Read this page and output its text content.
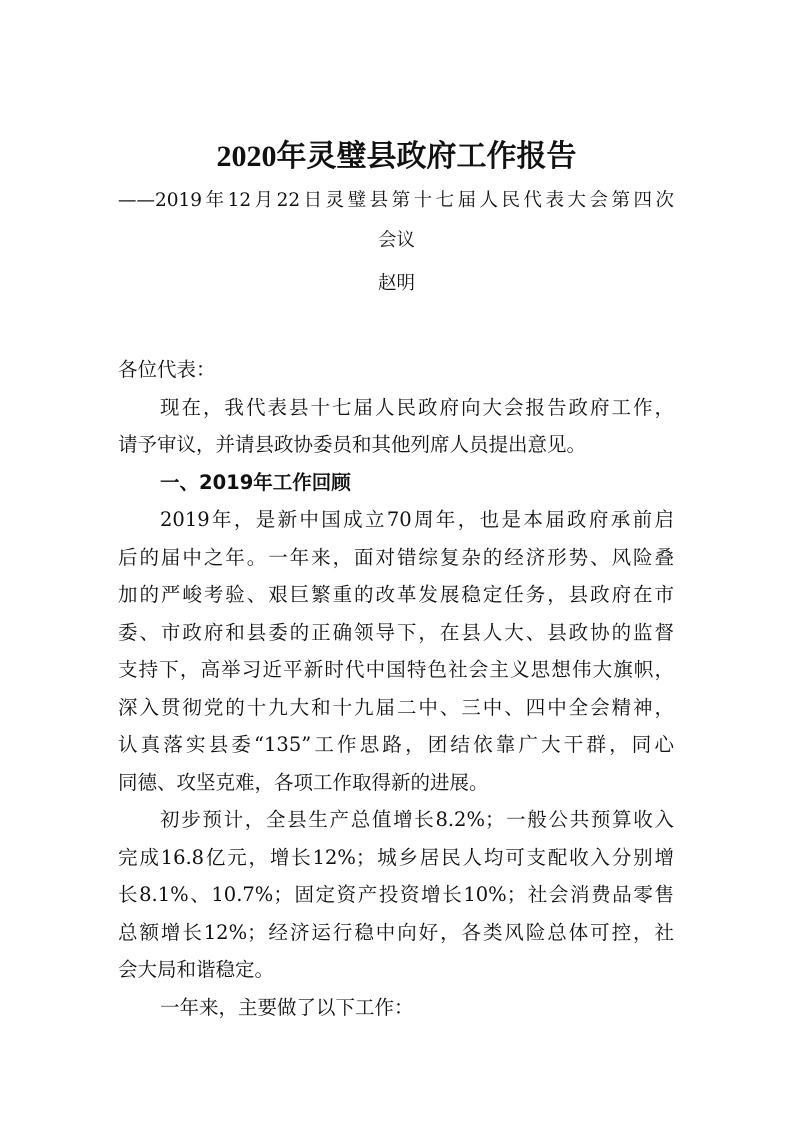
2020年灵璧县政府工作报告
——2019年12月22日灵璧县第十七届人民代表大会第四次
会议
赵明
各位代表：
现在，我代表县十七届人民政府向大会报告政府工作，
请予审议，并请县政协委员和其他列席人员提出意见。
一、2019年工作回顾
2019年，是新中国成立70周年，也是本届政府承前启
后的届中之年。一年来，面对错综复杂的经济形势、风险叠
加的严峻考验、艰巨繁重的改革发展稳定任务，县政府在市
委、市政府和县委的正确领导下，在县人大、县政协的监督
支持下，高举习近平新时代中国特色社会主义思想伟大旗帜，
深入贯彻党的十九大和十九届二中、三中、四中全会精神，
认真落实县委“135”工作思路，团结依靠广大干群，同心
同德、攻坚克难，各项工作取得新的进展。
初步预计，全县生产总值增长8.2%；一般公共预算收入
完成16.8亿元，增长12%；城乡居民人均可支配收入分别增
长8.1%、10.7%；固定资产投资增长10%；社会消费品零售
总额增长12%；经济运行稳中向好，各类风险总体可控，社
会大局和谐稳定。
一年来，主要做了以下工作：
